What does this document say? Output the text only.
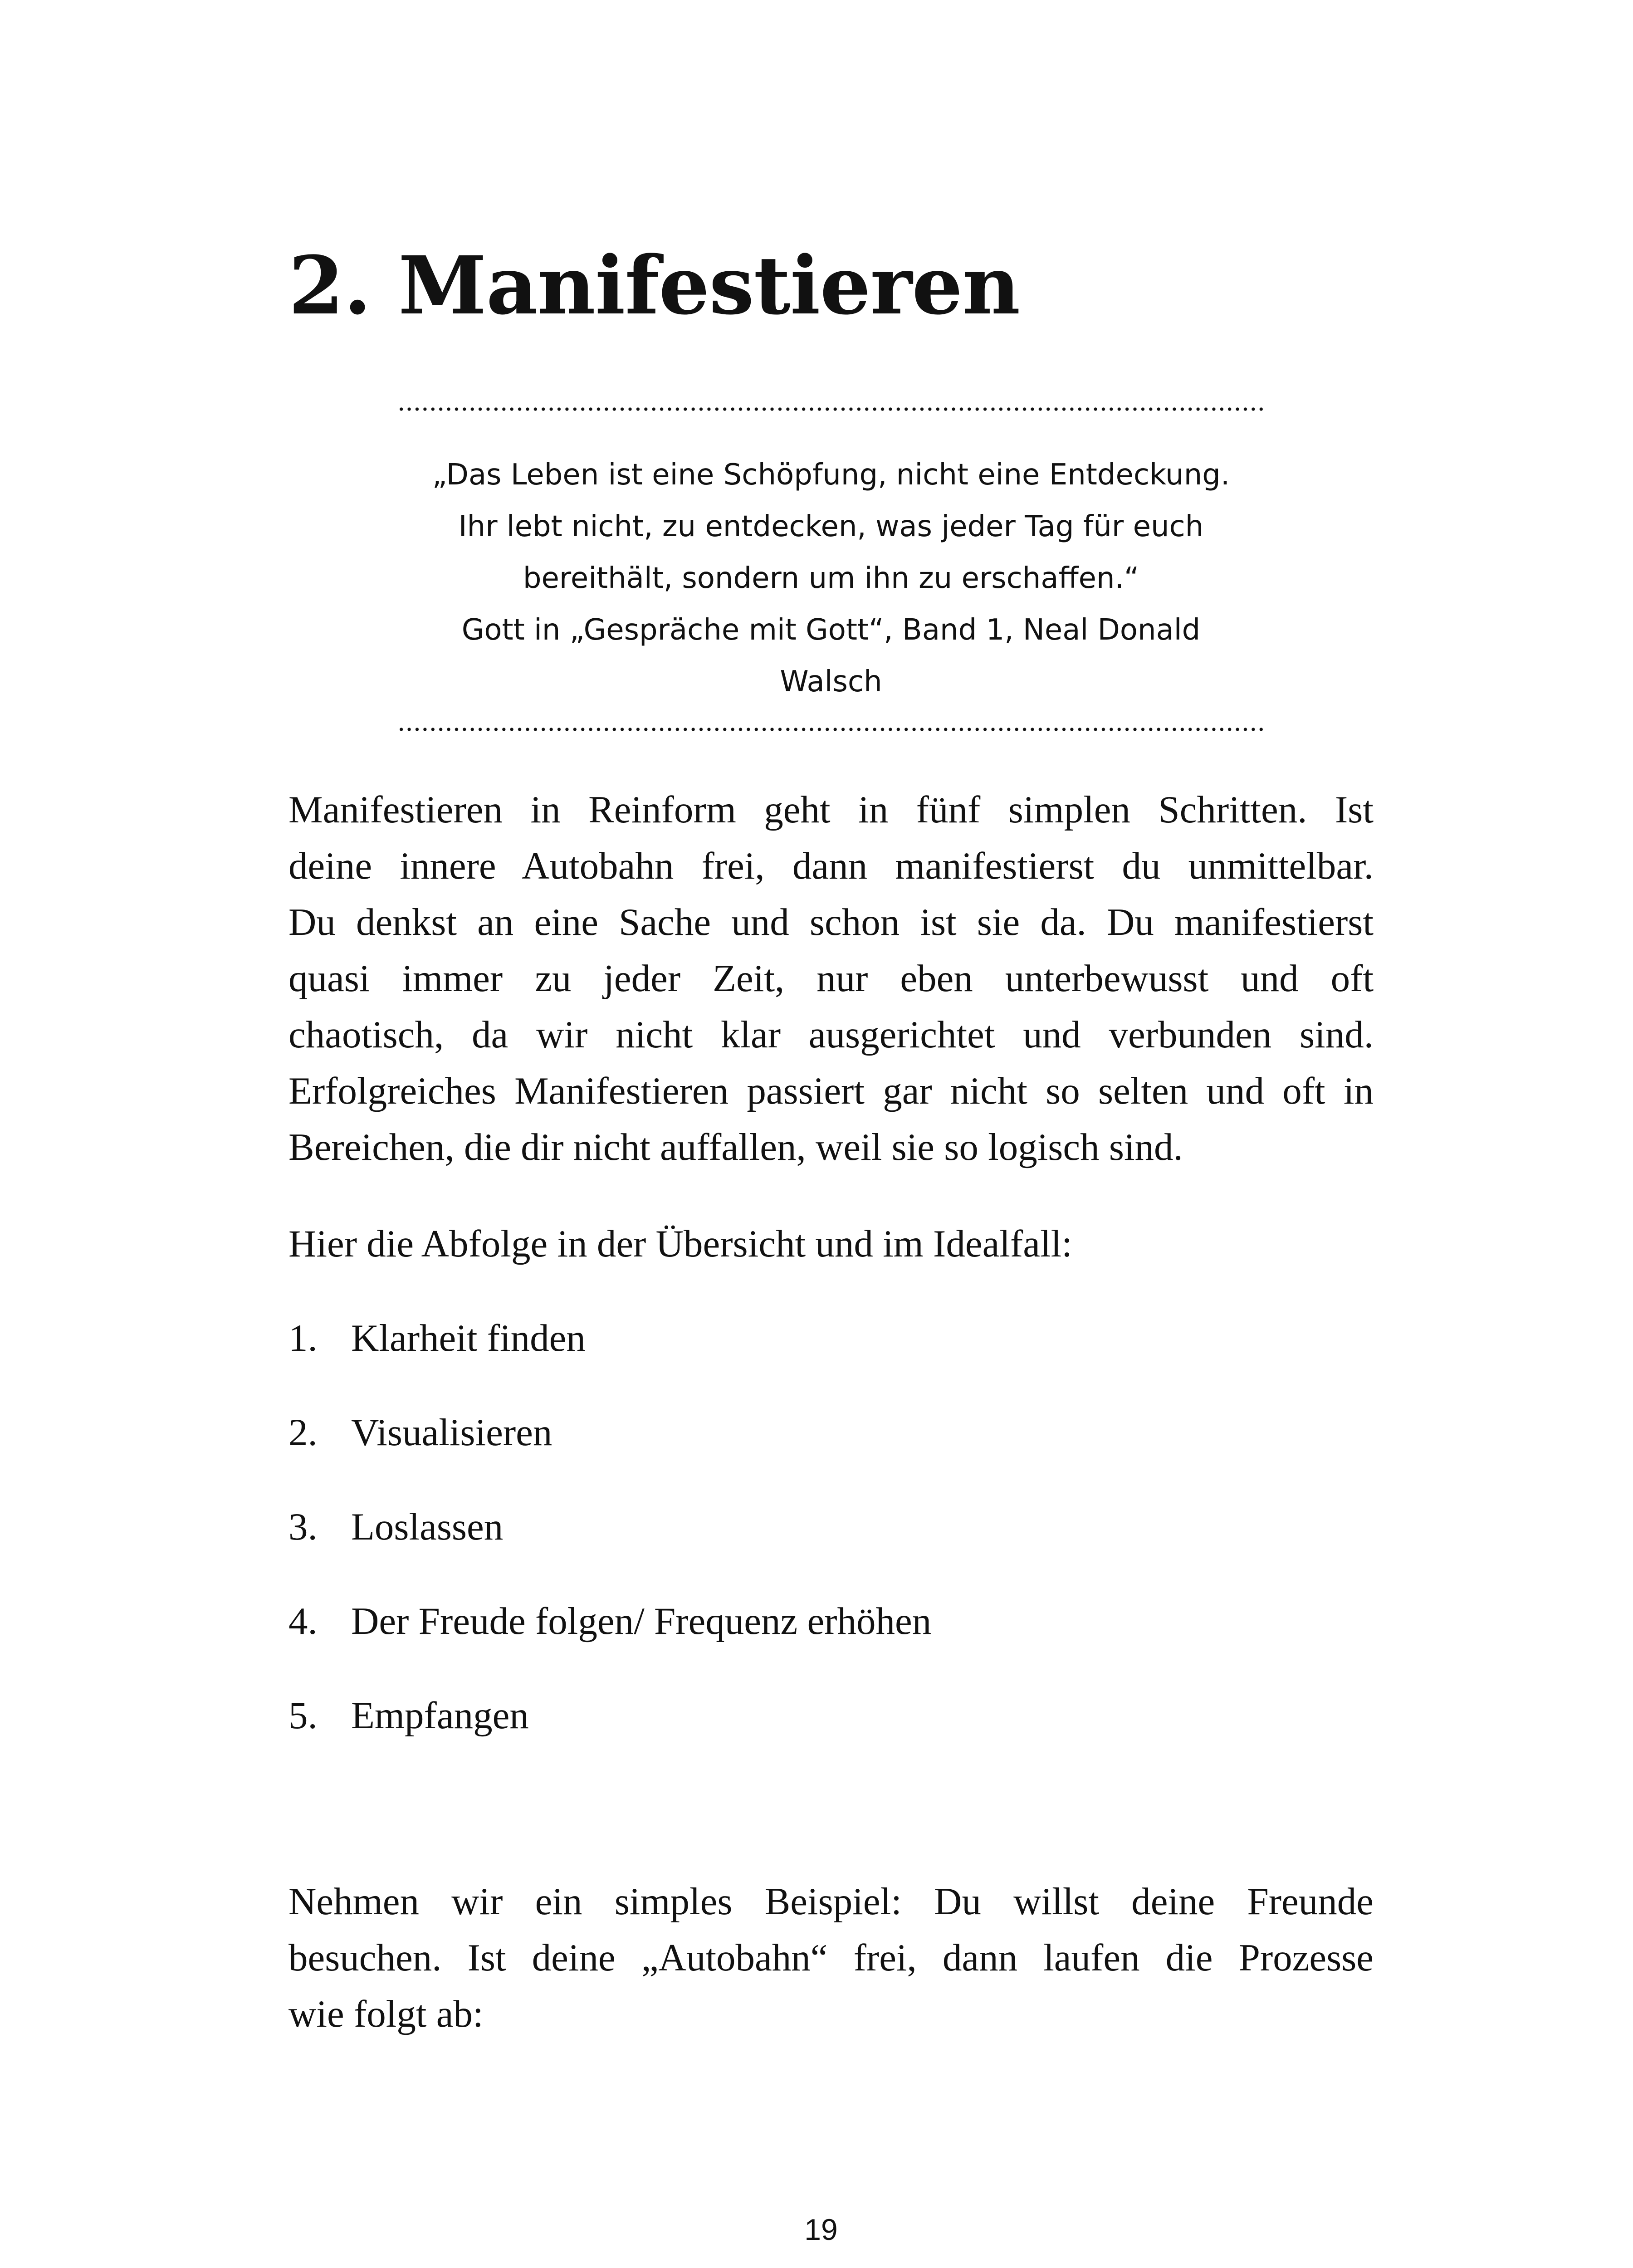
2. Manifestieren
„Das Leben ist eine Schöpfung, nicht eine Entdeckung.
Ihr lebt nicht, zu entdecken, was jeder Tag für euch
bereithält, sondern um ihn zu erschaffen.“
Gott in „Gespräche mit Gott“, Band 1, Neal Donald
Walsch

Manifestieren in Reinform geht in fünf simplen Schritten. Ist
deine innere Autobahn frei, dann manifestierst du unmittelbar.
Du denkst an eine Sache und schon ist sie da. Du manifestierst
quasi immer zu jeder Zeit, nur eben unterbewusst und oft
chaotisch, da wir nicht klar ausgerichtet und verbunden sind.
Erfolgreiches Manifestieren passiert gar nicht so selten und oft in
Bereichen, die dir nicht auffallen, weil sie so logisch sind.

Hier die Abfolge in der Übersicht und im Idealfall:

1. Klarheit finden
2. Visualisieren
3. Loslassen
4. Der Freude folgen/ Frequenz erhöhen
5. Empfangen

Nehmen wir ein simples Beispiel: Du willst deine Freunde
besuchen. Ist deine „Autobahn“ frei, dann laufen die Prozesse
wie folgt ab:

19
